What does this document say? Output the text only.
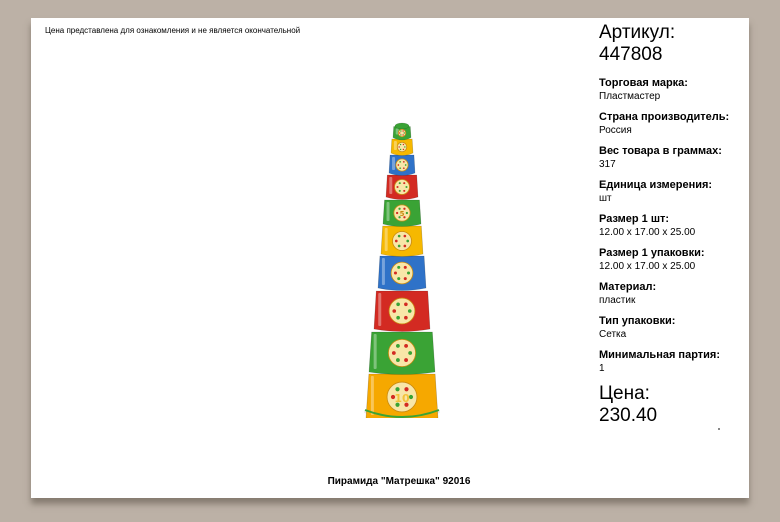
Цена представлена для ознакомления и не является окончательной
10
5
Пирамида "Матрешка" 92016
Артикул:
447808
Торговая марка:
Пластмастер
Страна производитель:
Россия
Вес товара в граммах:
317
Единица измерения:
шт
Размер 1 шт:
12.00 x 17.00 x 25.00
Размер 1 упаковки:
12.00 x 17.00 x 25.00
Материал:
пластик
Тип упаковки:
Сетка
Минимальная партия:
1
Цена:
230.40
